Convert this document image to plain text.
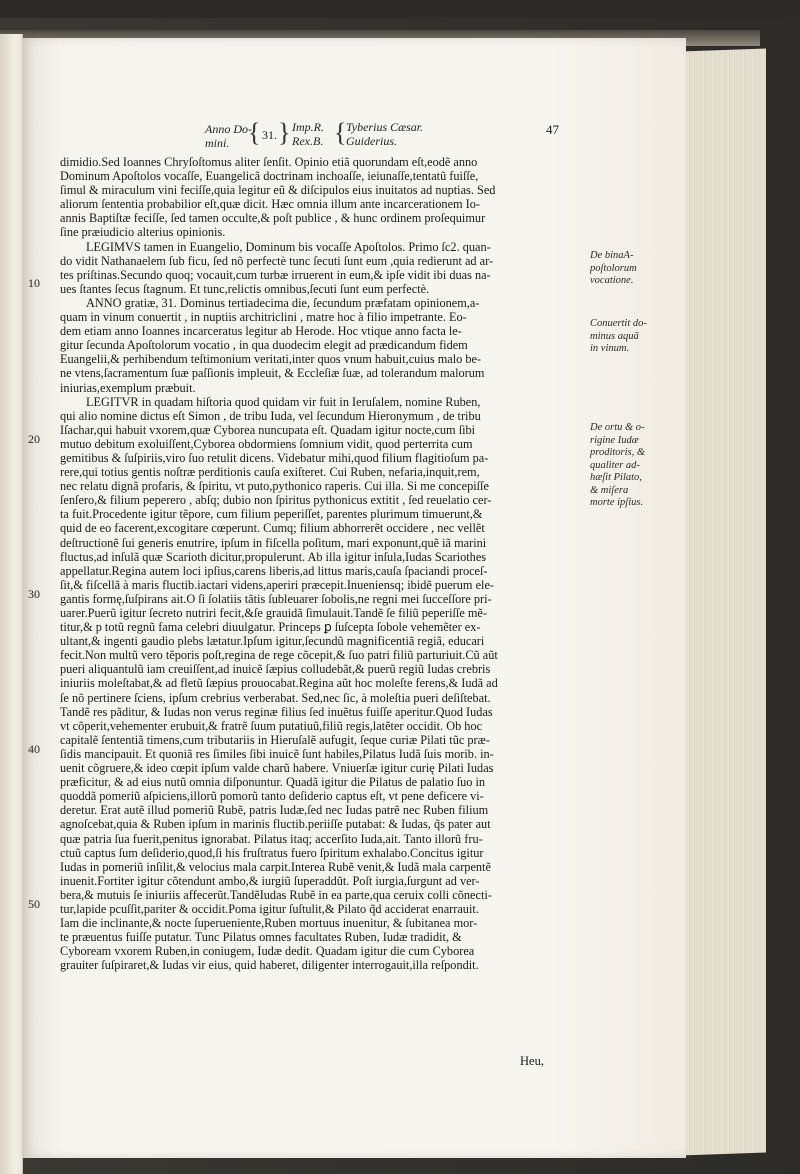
Anno Do-
mini. { 31. } Imp.R.
Rex.B. { Tyberius Cæsar.
Guiderius.
47
dimidio.Sed Ioannes Chryſoſtomus aliter ſenſit. Opinio etiã quorundam eſt,eodẽ anno
Dominum Apoſtolos vocaſſe, Euangelicã doctrinam inchoaſſe, ieiunaſſe,tentatũ fuiſſe,
ſimul & miraculum vini feciſſe,quia legitur eũ & diſcipulos eius inuitatos ad nuptias. Sed
aliorum ſententia probabilior eſt,quæ dicit. Hæc omnia illum ante incarcerationem Io-
annis Baptiſtæ feciſſe, ſed tamen occulte,& poſt publice , & hunc ordinem proſequimur
ſine præiudicio alterius opinionis.
LEGIMVS tamen in Euangelio, Dominum bis vocaſſe Apoſtolos. Primo ſc2. quan-
do vidit Nathanaelem ſub ficu, ſed nõ perfectè tunc ſecuti ſunt eum ,quia redierunt ad ar-
tes priſtinas.Secundo quoq; vocauit,cum turbæ irruerent in eum,& ipſe vidit ibi duas na-
ues ſtantes ſecus ſtagnum. Et tunc,relictis omnibus,ſecuti ſunt eum perfectè.
ANNO gratiæ, 31. Dominus tertiadecima die, ſecundum præfatam opinionem,a-
quam in vinum conuertit , in nuptiis architriclini , matre hoc à filio impetrante. Eo-
dem etiam anno Ioannes incarceratus legitur ab Herode. Hoc vtique anno facta le-
gitur ſecunda Apoſtolorum vocatio , in qua duodecim elegit ad prædicandum fidem
Euangelii,& perhibendum teſtimonium veritati,inter quos vnum habuit,cuius malo be-
ne vtens,ſacramentum ſuæ paſſionis impleuit, & Eccleſiæ ſuæ, ad tolerandum malorum
iniurias,exemplum præbuit.
LEGITVR in quadam hiſtoria quod quidam vir fuit in Ieruſalem, nomine Ruben,
qui alio nomine dictus eſt Simon , de tribu Iuda, vel ſecundum Hieronymum , de tribu
Iſachar,qui habuit vxorem,quæ Cyborea nuncupata eſt. Quadam igitur nocte,cum ſibi
mutuo debitum exoluiſſent,Cyborea obdormiens ſomnium vidit, quod perterrita cum
gemitibus & ſuſpiriis,viro ſuo retulit dicens. Videbatur mihi,quod filium flagitioſum pa-
rere,qui totius gentis noſtræ perditionis cauſa exiſteret. Cui Ruben, nefaria,inquit,rem,
nec relatu dignã profaris, & ſpiritu, vt puto,pythonico raperis. Cui illa. Si me concepiſſe
ſenſero,& filium peperero , abſq; dubio non ſpiritus pythonicus extitit , ſed reuelatio cer-
ta fuit.Procedente igitur tẽpore, cum filium peperiſſet, parentes plurimum timuerunt,&
quid de eo facerent,excogitare cœperunt. Cumq; filium abhorrerẽt occidere , nec vellẽt
deſtructionẽ ſui generis enutrire, ipſum in fiſcella poſitum, mari exponunt,quẽ iã marini
fluctus,ad inſulã quæ Scarioth dicitur,propulerunt. Ab illa igitur inſula,Iudas Scariothes
appellatur.Regina autem loci ipſius,carens liberis,ad littus maris,cauſa ſpaciandi proceſ-
ſit,& fiſcellã à maris fluctib.iactari videns,aperiri præcepit.Inueniensq; ibidẽ puerum ele-
gantis formę,ſuſpirans ait.O ſi ſolatiis tãtis ſubleuarer ſobolis,ne regni mei ſucceſſore pri-
uarer.Puerũ igitur ſecreto nutriri fecit,&ſe grauidã ſimulauit.Tandẽ ſe filiũ peperiſſe mẽ-
titur,& p totũ regnũ fama celebri diuulgatur. Princeps ꝑ ſuſcepta ſobole vehemẽter ex-
ultant,& ingenti gaudio plebs lætatur.Ipſum igitur,ſecundũ magnificentiã regiã, educari
fecit.Non multũ vero tẽporis poſt,regina de rege cõcepit,& ſuo patri filiũ parturiuit.Cũ aũt
pueri aliquantulũ iam creuiſſent,ad inuicẽ ſæpius colludebãt,& puerũ regiũ Iudas crebris
iniuriis moleſtabat,& ad fletũ ſæpius prouocabat.Regina aũt hoc moleſte ferens,& Iudã ad
ſe nõ pertinere ſciens, ipſum crebrius verberabat. Sed,nec ſic, à moleſtia pueri deſiſtebat.
Tandẽ res pãditur, & Iudas non verus reginæ filius ſed inuẽtus fuiſſe aperitur.Quod Iudas
vt cõperit,vehementer erubuit,& fratrẽ ſuum putatiuũ,filiũ regis,latẽter occidit. Ob hoc
capitalẽ ſententiã timens,cum tributariis in Hieruſalẽ aufugit, ſeque curiæ Pilati tũc præ-
ſidis mancipauit. Et quoniã res ſimiles ſibi inuicẽ ſunt habiles,Pilatus Iudã ſuis morib. in-
uenit cõgruere,& ideo cœpit ipſum valde charũ habere. Vniuerſæ igitur curię Pilati Iudas
præficitur, & ad eius nutũ omnia diſponuntur. Quadã igitur die Pilatus de palatio ſuo in
quoddã pomeriũ aſpiciens,illorũ pomorũ tanto deſiderio captus eſt, vt pene deficere vi-
deretur. Erat autẽ illud pomeriũ Rubẽ, patris Iudæ,ſed nec Iudas patrẽ nec Ruben filium
agnoſcebat,quia & Ruben ipſum in marinis fluctib.periiſſe putabat: & Iudas, q̃s pater aut
quæ patria ſua fuerit,penitus ignorabat. Pilatus itaq; accerſito Iuda,ait. Tanto illorũ fru-
ctuũ captus ſum deſiderio,quod,ſi his fruſtratus fuero ſpiritum exhalabo.Concitus igitur
Iudas in pomeriũ inſilit,& velocius mala carpit.Interea Rubẽ venit,& Iudã mala carpentẽ
inuenit.Fortiter igitur cõtendunt ambo,& iurgiũ ſuperaddũt. Poſt iurgia,ſurgunt ad ver-
bera,& mutuis ſe iniuriis affecerũt.TandẽIudas Rubẽ in ea parte,qua ceruix colli cõnecti-
tur,lapide pcuſſit,pariter & occidit.Poma igitur ſuſtulit,& Pilato q̃d acciderat enarrauit.
Iam die inclinante,& nocte ſuperueniente,Ruben mortuus inuenitur, & ſubitanea mor-
te præuentus fuiſſe putatur. Tunc Pilatus omnes facultates Ruben, Iudæ tradidit, &
Cyboream vxorem Ruben,in coniugem, Iudæ dedit. Quadam igitur die cum Cyborea
grauiter ſuſpiraret,& Iudas vir eius, quid haberet, diligenter interrogauit,illa reſpondit.
10
20
30
40
50
De binaA-
poſtolorum
vocatione.
Conuertit do-
minus aquã
in vinum.
De ortu & o-
rigine Iudæ
proditoris, &
qualiter ad-
hæſit Pilato,
& miſera
morte ipſius.
Heu,
